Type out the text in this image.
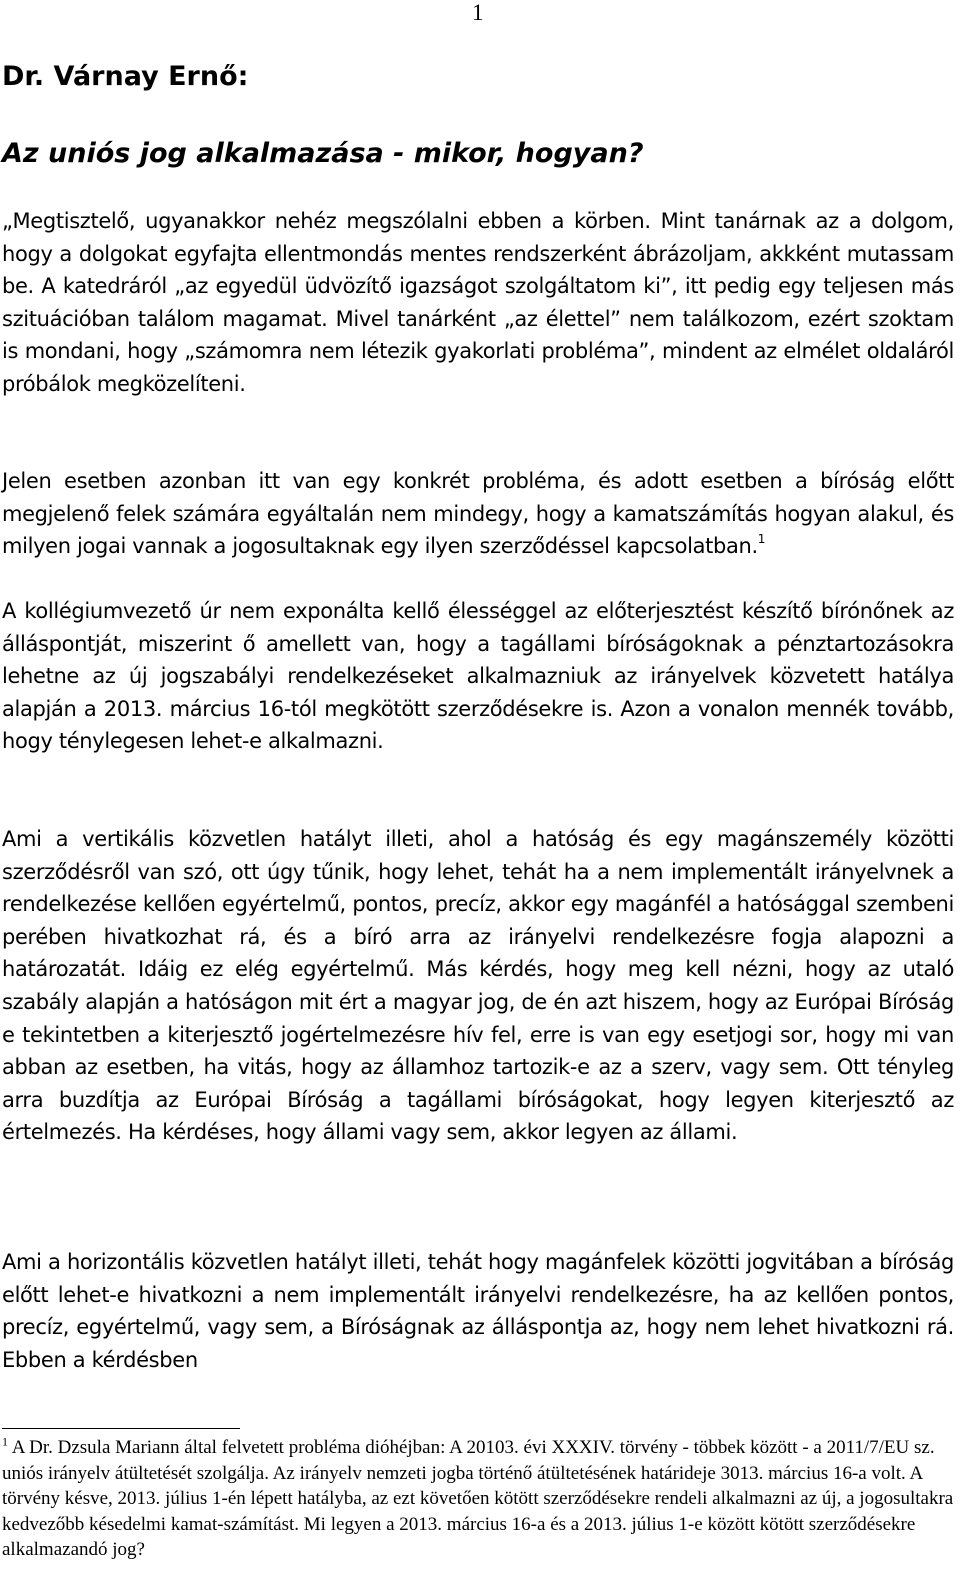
1
Dr. Várnay Ernő:
Az uniós jog alkalmazása - mikor, hogyan?

„Megtisztelő, ugyanakkor nehéz megszólalni ebben a körben. Mint tanárnak az a dolgom, hogy a dolgokat egyfajta ellentmondás mentes rendszerként ábrázoljam, akkként mutassam be. A katedráról „az egyedül üdvözítő igazságot szolgáltatom ki”, itt pedig egy teljesen más szituációban találom magamat. Mivel tanárként „az élettel” nem találkozom, ezért szoktam is mondani, hogy „számomra nem létezik gyakorlati probléma”, mindent az elmélet oldaláról próbálok megközelíteni.

Jelen esetben azonban itt van egy konkrét probléma, és adott esetben a bíróság előtt megjelenő felek számára egyáltalán nem mindegy, hogy a kamatszámítás hogyan alakul, és milyen jogai vannak a jogosultaknak egy ilyen szerződéssel kapcsolatban.$^1$

A kollégiumvezető úr nem exponálta kellő élességgel az előterjesztést készítő bírónőnek az álláspontját, miszerint ő amellett van, hogy a tagállami bíróságoknak a pénztartozásokra lehetne az új jogszabályi rendelkezéseket alkalmazniuk az irányelvek közvetett hatálya alapján a 2013. március 16-tól megkötött szerződésekre is. Azon a vonalon mennék tovább, hogy ténylegesen lehet-e alkalmazni.

Ami a vertikális közvetlen hatályt illeti, ahol a hatóság és egy magánszemély közötti szerződésről van szó, ott úgy tűnik, hogy lehet, tehát ha a nem implementált irányelvnek a rendelkezése kellően egyértelmű, pontos, precíz, akkor egy magánfél a hatósággal szembeni perében hivatkozhat rá, és a bíró arra az irányelvi rendelkezésre fogja alapozni a határozatát. Idáig ez elég egyértelmű. Más kérdés, hogy meg kell nézni, hogy az utaló szabály alapján a hatóságon mit ért a magyar jog, de én azt hiszem, hogy az Európai Bíróság e tekintetben a kiterjesztő jogértelmezésre hív fel, erre is van egy esetjogi sor, hogy mi van abban az esetben, ha vitás, hogy az államhoz tartozik-e az a szerv, vagy sem. Ott tényleg arra buzdítja az Európai Bíróság a tagállami bíróságokat, hogy legyen kiterjesztő az értelmezés. Ha kérdéses, hogy állami vagy sem, akkor legyen az állami.

Ami a horizontális közvetlen hatályt illeti, tehát hogy magánfelek közötti jogvitában a bíróság előtt lehet-e hivatkozni a nem implementált irányelvi rendelkezésre, ha az kellően pontos, precíz, egyértelmű, vagy sem, a Bíróságnak az álláspontja az, hogy nem lehet hivatkozni rá. Ebben a kérdésben

$^1$ A Dr. Dzsula Mariann által felvetett probléma dióhéjban: A 20103. évi XXXIV. törvény - többek között - a 2011/7/EU sz. uniós irányelv átültetését szolgálja. Az irányelv nemzeti jogba történő átültetésének határideje 3013. március 16-a volt. A törvény késve, 2013. július 1-én lépett hatályba, az ezt követően kötött szerződésekre rendeli alkalmazni az új, a jogosultakra kedvezőbb késedelmi kamat-számítást. Mi legyen a 2013. március 16-a és a 2013. július 1-e között kötött szerződésekre alkalmazandó jog?
